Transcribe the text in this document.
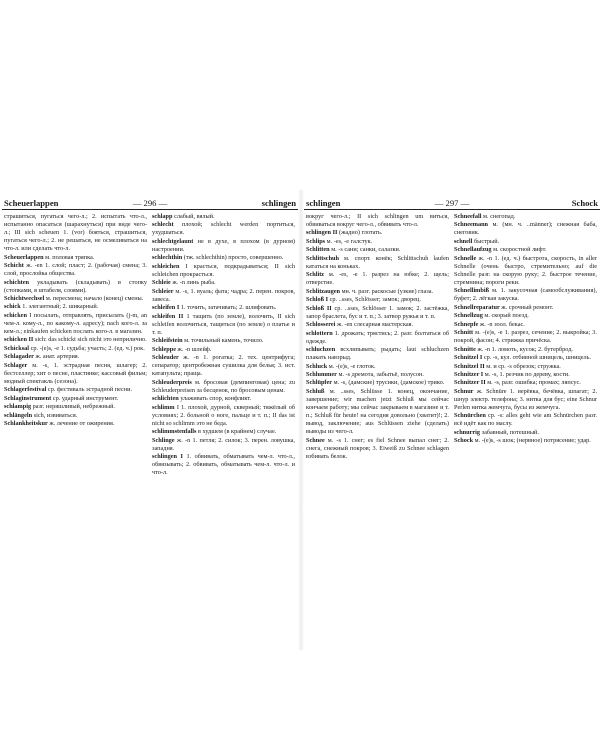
Scheuerlappen	— 296 —	schlingen
страшиться, пугаться чего-л.; 2. испытать что-л., испытанно опасаться (шарахнуться) при виде чего-л.; III sich scheuen 1. (vor) бояться, страшиться, пугаться чего-л.; 2. не решаться, не осмеливаться на что-л. или сделать что-л.
Scheuerlappen м. половая тряпка.
Schicht ж. -en 1. слой; пласт; 2. (рабочая) смена; 3. слой, прослойка общества.
schichten укладывать (складывать) в стопку (стопками, в штабеля, слоями).
Schichtwechsel м. пересмена; начало (конец) смены.
schick 1. элегантный; 2. шикарный.
schicken I посылать, отправлять, присылать (j-m, an чем-л. кому-л., по какому-л. адресу); nach кого-л. за кем-л.; einkaufen schicken послать кого-л. в магазин.
schicken II sich: das schickt sich nicht это неприлично.
Schicksal ср. -(e)s, -e 1. судьба; участь; 2. (ед. ч.) рок.
Schlagader ж. анат. артерия.
Schlager м. -s, 1. эстрадная песня, шлагер; 2. бестселлер; хит о песне, пластинке; кассовый фильм; модный спектакль (сезона).
Schlagerfestival ср. фестиваль эстрадной песни.
Schlaginstrument ср. ударный инструмент.
schlampig разг. неряшливый, небрежный.
schlängeln sich, извиваться.
Schlankheitskur ж. лечение от ожирения.
schlapp слабый, вялый.
schlecht плохой; schlecht werden портиться, ухудшаться.
schlechtgelaunt не в духе, в плохом (в дурном) настроении.
schlechthin (тж. schlechthin) просто, совершенно.
schleichen I красться, подкрадываться; II sich schleichen прокрасться.
Schleie ж. -n линь рыба.
Schleier м. -s, 1. вуаль; фата; чадра; 2. перен. покров, завеса.
schleifen I 1. точить, затачивать; 2. шлифовать.
schleifen II 1 тащить (по земле), волочить, II sich schleifen волочиться, тащиться (по земле) о платье и т. п.
Schleifstein м. точильный камень, точило.
Schleppe ж. -n шлейф.
Schleuder ж. -n 1. рогатка; 2. тех. центрифуга; сепаратор; центробежная сушилка для белья; 3. ист. катапульта; праща.
Schleuderpreis м. бросовая (демпинговая) цена; zu Schleuderpreisen за бесценок, по бросовым ценам.
schlichten улаживать спор, конфликт.
schlimm I 1. плохой, дурной, скверный; тяжёлый об условиях; 2. больной о ноге, пальце и т. п.; II das ist nicht so schlimm это не беда.
schlimmstenfalls в худшем (в крайнем) случае.
Schlinge ж. -n 1. петля; 2. силок; 3. перен. ловушка, западня.
schlingen I 1. обвивать, обматывать чем-л. что-л., обвязывать; 2. обвивать, обматывать чем-л. что-л. и что-л.
schlingen	— 297 —	Schock
вокруг чего-л.; II sich schlingen um виться, обвиваться вокруг чего-л., обвивать что-л.
schlingen II (жадно) глотать.
Schlips м. -es, -e галстук.
Schlitten м. -s сани; санки, салазки.
Schlittschuh м. спорт. конёк; Schlittschuh laufen кататься на коньках.
Schlitz м. -es, -e 1. разрез на юбке; 2. щель; отверстие.
Schlitzaugen мн. ч. разг. раскосые (узкие) глаза.
Schloß I ср. ..sses, Schlösser; замок; дворец.
Schloß II ср. ..sses, Schlösser 1. замок; 2. застёжка, запор браслета, бус и т. п.; 3. затвор ружья и т. п.
Schlosserei ж. -en слесарная мастерская.
schlottern 1. дрожать; трястись; 2. разг. болтаться об одежде.
schluchzen всхлипывать; рыдать; laut schluchzen плакать навзрыд.
Schluck м. -(e)s, -e глоток.
Schlummer м. -s дремота, забытьё, полусон.
Schlüpfer м. -s, (дамские) трусики, (дамское) трико.
Schluß м. ..sses, Schlüsse 1. конец, окончание, завершение; wir machen jetzt Schluß мы сейчас кончаем работу; мы сейчас закрываем в магазине и т. п.; Schluß für heute! на сегодня довольно (хватит)!; 2. вывод, заключение; aus Schlüssen ziehe (сделать) выводы из чего-л.
Schnee м. -s 1. снег; es fiel Schnee выпал снег; 2. снега, снежный покров; 3. Eiweiß zu Schnee schlagen взбивать белок.
Schneefall м. снегопад.
Schneemann м. (мн. ч. ..männer); снежная баба, снеговик.
schnell быстрый.
Schnellaufzug м. скоростной лифт.
Schnelle ж. -n 1. (ед. ч.) быстрота, скорость, in aller Schnelle (очень быстро, стремительно; auf die Schnelle разг. на скорую руку; 2. быстрое течение, стремнина; пороги реки.
Schnellimbiß м. 1. закусочная (самообслуживания), буфет; 2. лёгкая закуска.
Schnellreparatur ж. срочный ремонт.
Schnellzug м. скорый поезд.
Schnepfe ж. -n зоол. бекас.
Schnitt м. -(e)s, -e 1. разрез, сечение; 2. выкройка; 3. покрой, фасон; 4. стрижка причёска.
Schnitte ж. -n 1. ломоть, кусок; 2. бутерброд.
Schnitzel I ср. -s, кул. отбивной шницель, шницель.
Schnitzel II м. и ср. -s обрезок; стружка.
Schnitzer I м. -s, 1. резчик по дереву, кости.
Schnitzer II м. -s, разг. ошибка; промах; ляпсус.
Schnur ж. Schnüre 1. верёвка, бечёвка, шпагат; 2. шнур электр. телефона; 3. нитка для бус; eine Schnur Perlen нитка жемчуга, бусы из жемчуга.
Schnürchen ср. -s: alles geht wie am Schnürchen разг. всё идёт как по маслу.
schnurrig забавный, потешный.
Schock м. -(e)s, -s шок; (нервное) потрясение; удар.
